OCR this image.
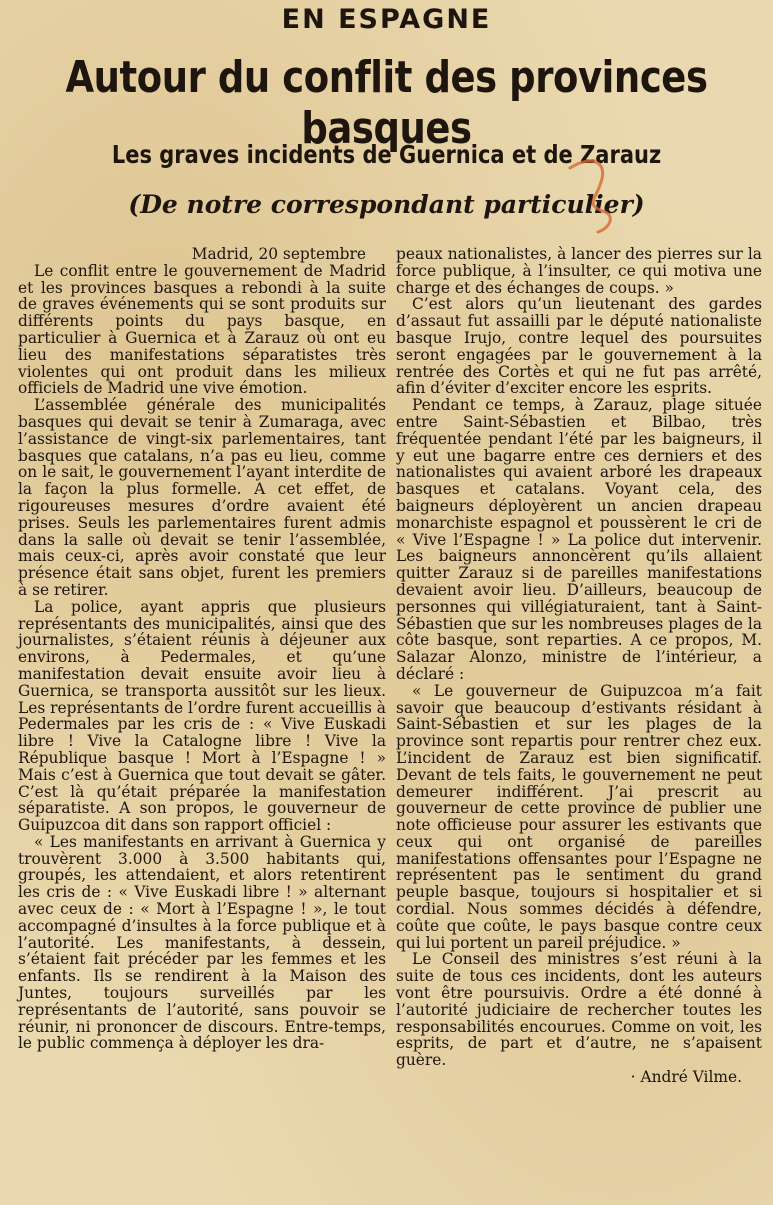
EN ESPAGNE
Autour du conflit des provinces basques
Les graves incidents de Guernica et de Zarauz
(De notre correspondant particulier)

Madrid, 20 septembre

Le conflit entre le gouvernement de Madrid et les provinces basques a rebondi à la suite de graves événements qui se sont produits sur différents points du pays basque, en particulier à Guernica et à Zarauz où ont eu lieu des manifestations séparatistes très violentes qui ont produit dans les milieux officiels de Madrid une vive émotion.

L’assemblée générale des municipalités basques qui devait se tenir à Zumaraga, avec l’assistance de vingt-six parlementaires, tant basques que catalans, n’a pas eu lieu, comme on le sait, le gouvernement l’ayant interdite de la façon la plus formelle. A cet effet, de rigoureuses mesures d’ordre avaient été prises. Seuls les parlementaires furent admis dans la salle où devait se tenir l’assemblée, mais ceux-ci, après avoir constaté que leur présence était sans objet, furent les premiers à se retirer.

La police, ayant appris que plusieurs représentants des municipalités, ainsi que des journalistes, s’étaient réunis à déjeuner aux environs, à Pedermales, et qu’une manifestation devait ensuite avoir lieu à Guernica, se transporta aussitôt sur les lieux. Les représentants de l’ordre furent accueillis à Pedermales par les cris de : « Vive Euskadi libre ! Vive la Catalogne libre ! Vive la République basque ! Mort à l’Espagne ! » Mais c’est à Guernica que tout devait se gâter. C’est là qu’était préparée la manifestation séparatiste. A son propos, le gouverneur de Guipuzcoa dit dans son rapport officiel :

« Les manifestants en arrivant à Guernica y trouvèrent 3.000 à 3.500 habitants qui, groupés, les attendaient, et alors retentirent les cris de : « Vive Euskadi libre ! » alternant avec ceux de : « Mort à l’Espagne ! », le tout accompagné d’insultes à la force publique et à l’autorité. Les manifestants, à dessein, s’étaient fait précéder par les femmes et les enfants. Ils se rendirent à la Maison des Juntes, toujours surveillés par les représentants de l’autorité, sans pouvoir se réunir, ni prononcer de discours. Entre-temps, le public commença à déployer les dra-

peaux nationalistes, à lancer des pierres sur la force publique, à l’insulter, ce qui motiva une charge et des échanges de coups. »

C’est alors qu’un lieutenant des gardes d’assaut fut assailli par le député nationaliste basque Irujo, contre lequel des poursuites seront engagées par le gouvernement à la rentrée des Cortès et qui ne fut pas arrêté, afin d’éviter d’exciter encore les esprits.

Pendant ce temps, à Zarauz, plage située entre Saint-Sébastien et Bilbao, très fréquentée pendant l’été par les baigneurs, il y eut une bagarre entre ces derniers et des nationalistes qui avaient arboré les drapeaux basques et catalans. Voyant cela, des baigneurs déployèrent un ancien drapeau monarchiste espagnol et poussèrent le cri de « Vive l’Espagne ! » La police dut intervenir. Les baigneurs annoncèrent qu’ils allaient quitter Zarauz si de pareilles manifestations devaient avoir lieu. D’ailleurs, beaucoup de personnes qui villégiaturaient, tant à Saint-Sébastien que sur les nombreuses plages de la côte basque, sont reparties. A ce propos, M. Salazar Alonzo, ministre de l’intérieur, a déclaré :

« Le gouverneur de Guipuzcoa m’a fait savoir que beaucoup d’estivants résidant à Saint-Sébastien et sur les plages de la province sont repartis pour rentrer chez eux. L’incident de Zarauz est bien significatif. Devant de tels faits, le gouvernement ne peut demeurer indifférent. J’ai prescrit au gouverneur de cette province de publier une note officieuse pour assurer les estivants que ceux qui ont organisé de pareilles manifestations offensantes pour l’Espagne ne représentent pas le sentiment du grand peuple basque, toujours si hospitalier et si cordial. Nous sommes décidés à défendre, coûte que coûte, le pays basque contre ceux qui lui portent un pareil préjudice. »

Le Conseil des ministres s’est réuni à la suite de tous ces incidents, dont les auteurs vont être poursuivis. Ordre a été donné à l’autorité judiciaire de rechercher toutes les responsabilités encourues. Comme on voit, les esprits, de part et d’autre, ne s’apaisent guère.

· André Vilme.
